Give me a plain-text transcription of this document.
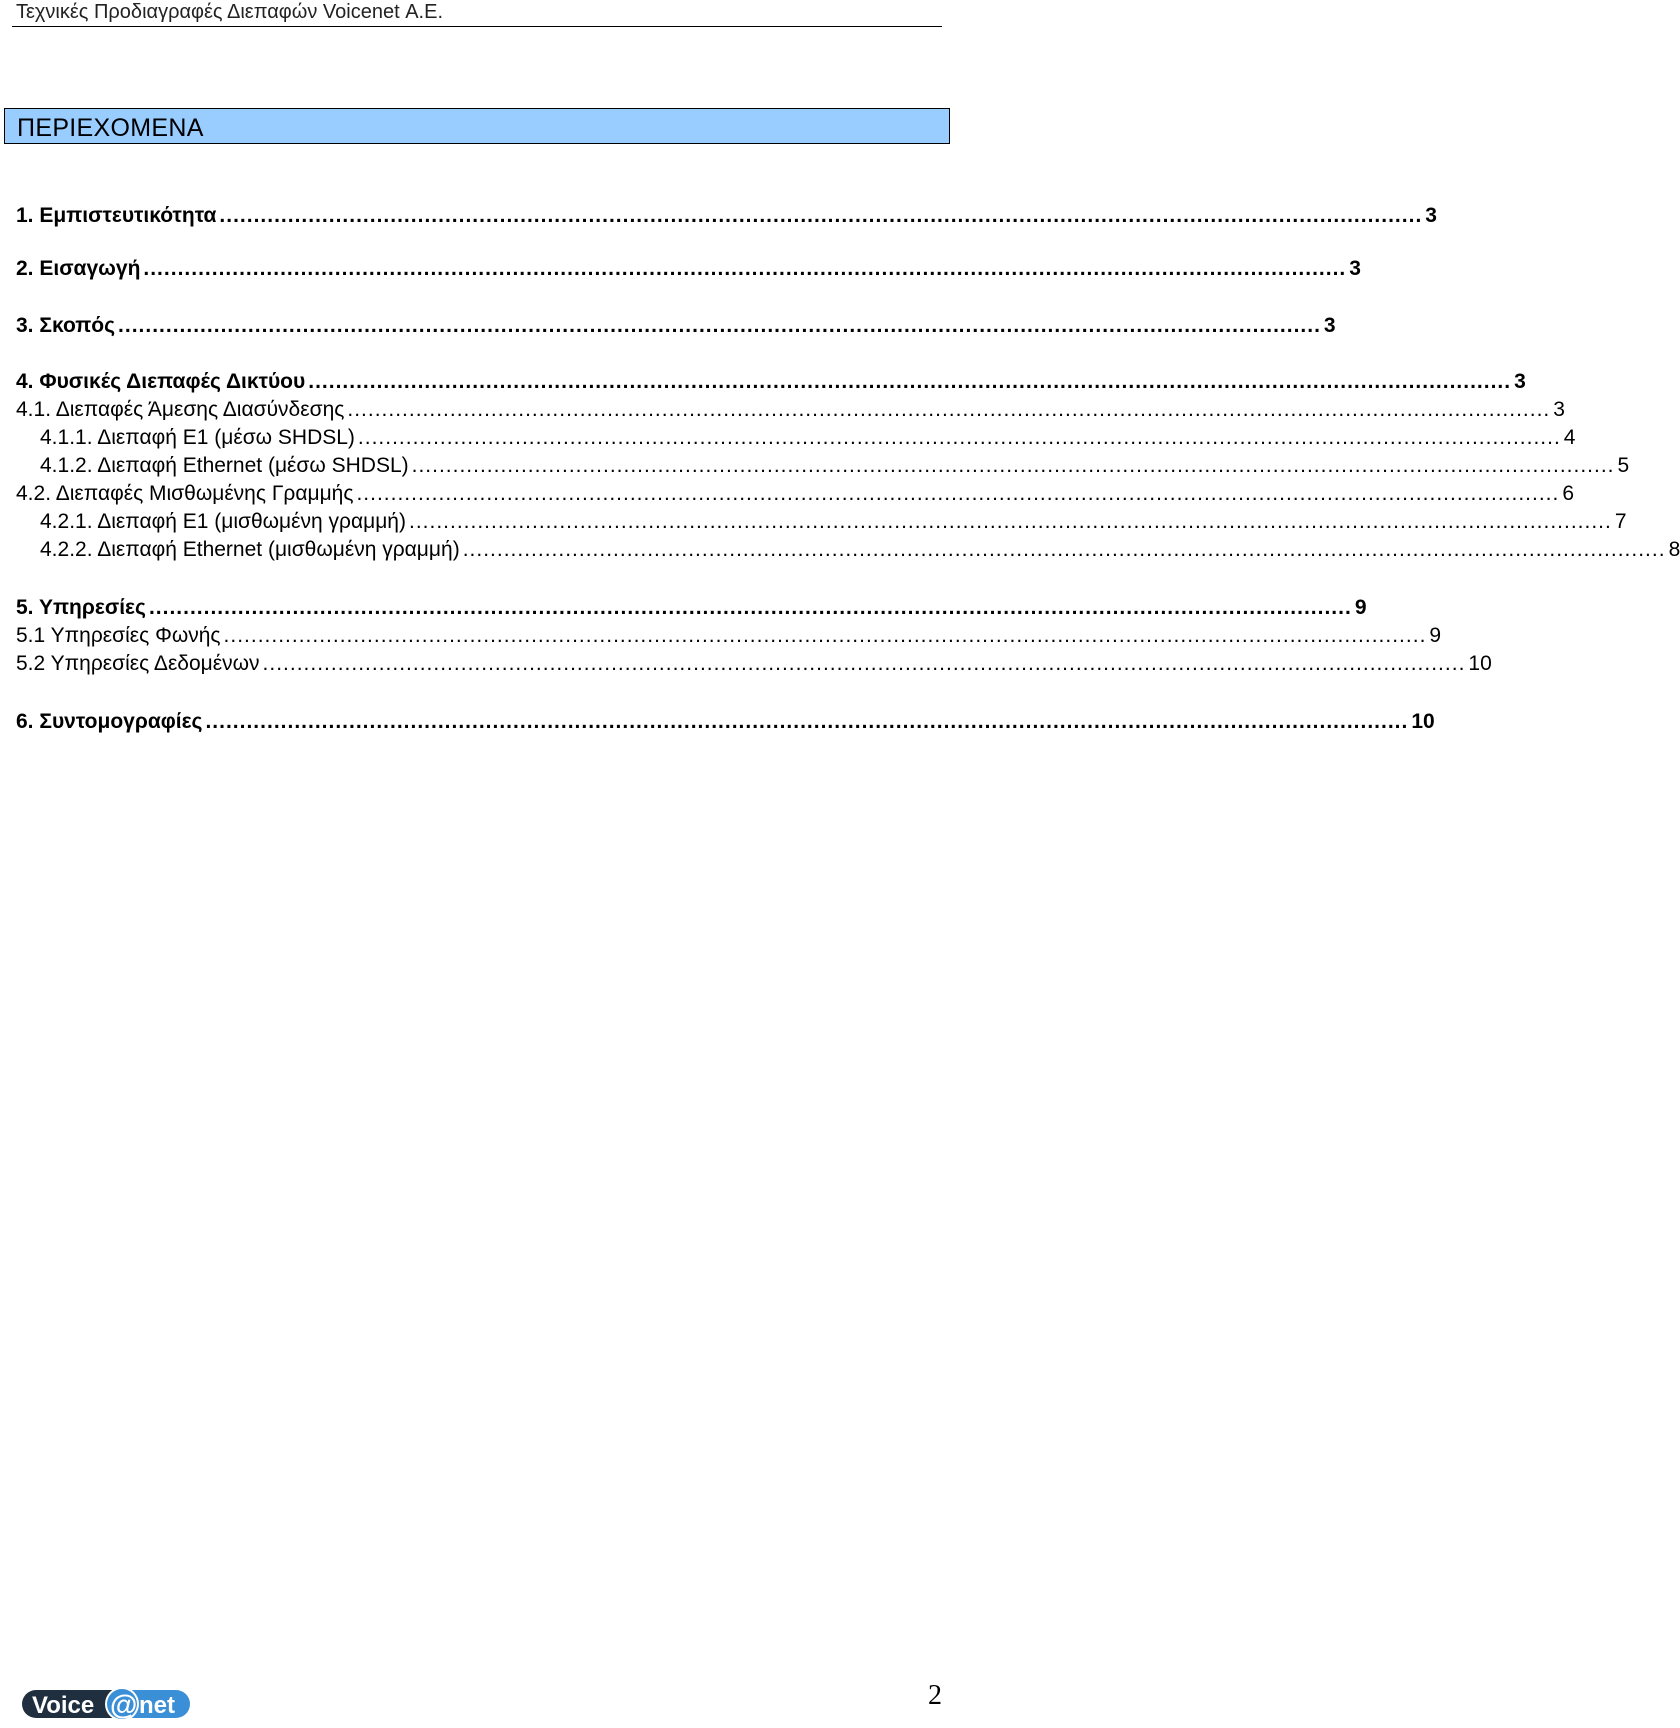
Τεχνικές Προδιαγραφές Διεπαφών Voicenet Α.Ε.
ΠΕΡΙΕΧΟΜΕΝΑ
1. Εμπιστευτικότητα ................................................................................................................................................................................ 3
2. Εισαγωγή ................................................................................................................................................................................ 3
3. Σκοπός ................................................................................................................................................................................ 3
4. Φυσικές Διεπαφές Δικτύου ................................................................................................................................................................................ 3
4.1. Διεπαφές Άμεσης Διασύνδεσης ................................................................................................................................................................................ 3
4.1.1. Διεπαφή E1 (μέσω SHDSL) ................................................................................................................................................................................ 4
4.1.2. Διεπαφή Ethernet (μέσω SHDSL) ................................................................................................................................................................................ 5
4.2. Διεπαφές Μισθωμένης Γραμμής ................................................................................................................................................................................ 6
4.2.1. Διεπαφή E1 (μισθωμένη γραμμή) ................................................................................................................................................................................ 7
4.2.2. Διεπαφή Ethernet (μισθωμένη γραμμή) ................................................................................................................................................................................ 8
5. Υπηρεσίες ................................................................................................................................................................................ 9
5.1 Υπηρεσίες Φωνής ................................................................................................................................................................................ 9
5.2 Υπηρεσίες Δεδομένων ................................................................................................................................................................................ 10
6. Συντομογραφίες ................................................................................................................................................................................ 10
Voice @ net	2
